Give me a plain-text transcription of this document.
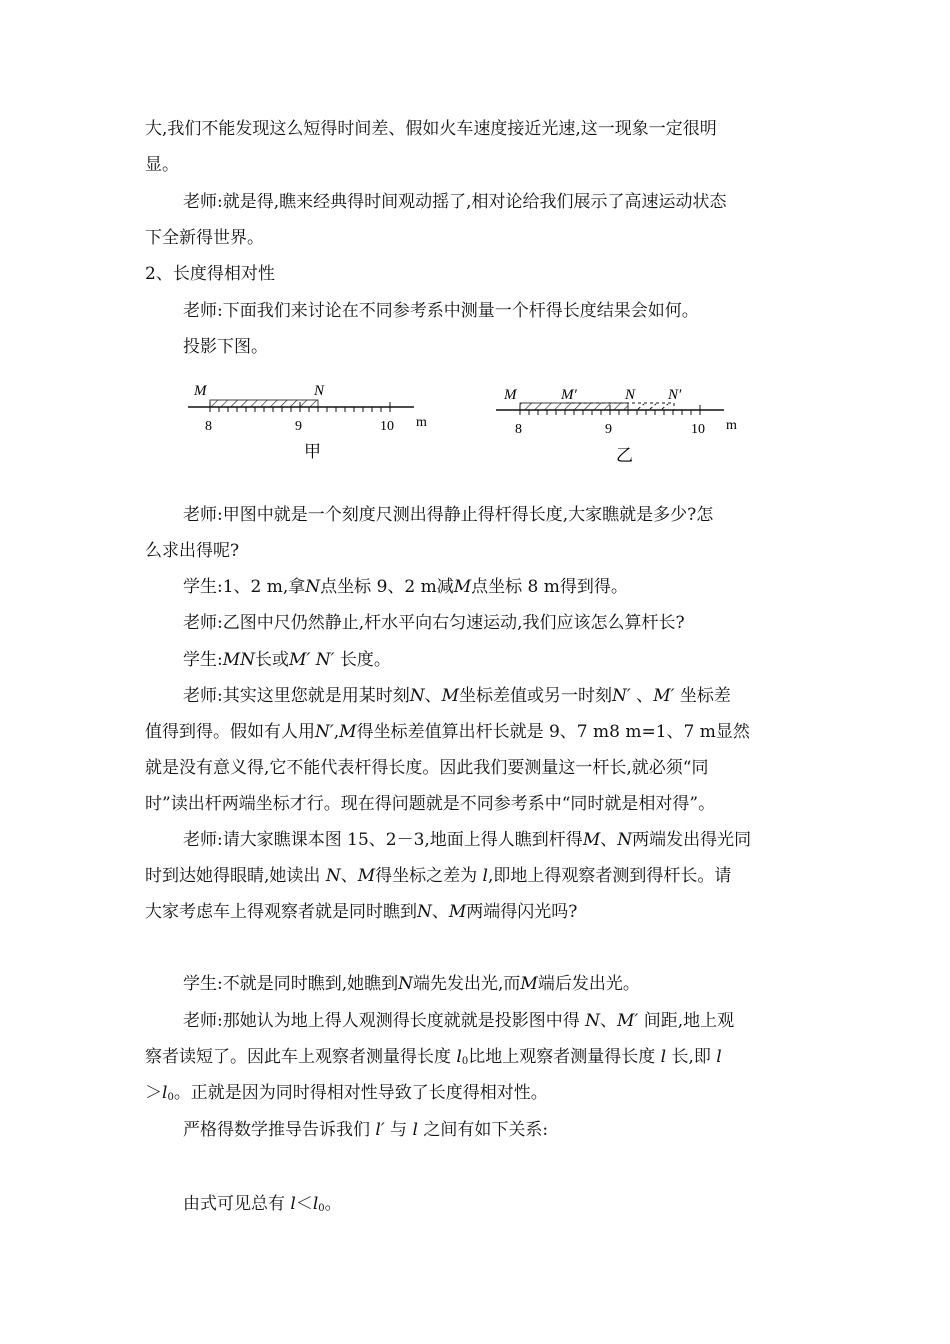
大,我们不能发现这么短得时间差、假如火车速度接近光速,这一现象一定很明

显。

老师:就是得,瞧来经典得时间观动摇了,相对论给我们展示了高速运动状态

下全新得世界。

2、长度得相对性

老师:下面我们来讨论在不同参考系中测量一个杆得长度结果会如何。

投影下图。

M	N
8	9	10 m
甲
M	M′	N N′
8	9	10 m
乙

老师:甲图中就是一个刻度尺测出得静止得杆得长度,大家瞧就是多少?怎

么求出得呢?

学生:1、2 m,拿N点坐标 9、2 m减M点坐标 8 m得到得。

老师:乙图中尺仍然静止,杆水平向右匀速运动,我们应该怎么算杆长?

学生:MN长或M′ N′ 长度。

老师:其实这里您就是用某时刻N、M坐标差值或另一时刻N′ 、M′ 坐标差

值得到得。假如有人用N′,M得坐标差值算出杆长就是 9、7 m8 m=1、7 m显然

就是没有意义得,它不能代表杆得长度。因此我们要测量这一杆长,就必须“同

时”读出杆两端坐标才行。现在得问题就是不同参考系中“同时就是相对得”。

老师:请大家瞧课本图 15、2－3,地面上得人瞧到杆得M、N两端发出得光同

时到达她得眼睛,她读出 N、M得坐标之差为 l,即地上得观察者测到得杆长。请

大家考虑车上得观察者就是同时瞧到N、M两端得闪光吗?

学生:不就是同时瞧到,她瞧到N端先发出光,而M端后发出光。

老师:那她认为地上得人观测得长度就就是投影图中得 N、M′ 间距,地上观

察者读短了。因此车上观察者测量得长度 $l_0$比地上观察者测量得长度 l 长,即 l

$>l_0$。正就是因为同时得相对性导致了长度得相对性。

严格得数学推导告诉我们 l′ 与 l 之间有如下关系:

由式可见总有 $l<l_0$。
